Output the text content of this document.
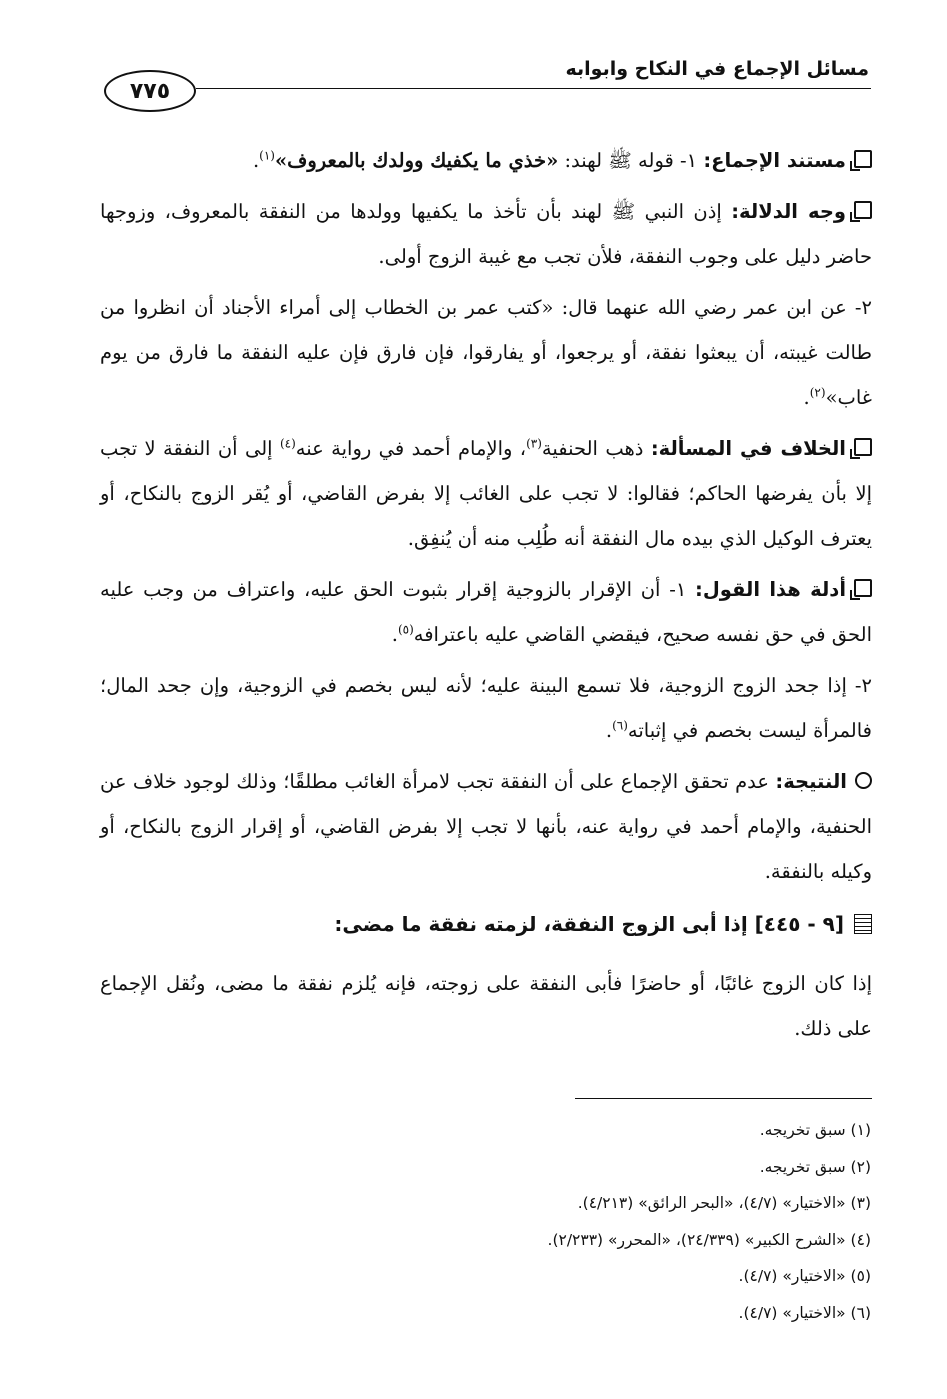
مسائل الإجماع في النكاح وابوابه
٧٧٥

مستند الإجماع: ١- قوله ﷺ لهند: «خذي ما يكفيك وولدك بالمعروف»$^{(١)}$.

وجه الدلالة: إذن النبي ﷺ لهند بأن تأخذ ما يكفيها وولدها من النفقة بالمعروف، وزوجها حاضر دليل على وجوب النفقة، فلأن تجب مع غيبة الزوج أولى.

٢- عن ابن عمر رضي الله عنهما قال: «كتب عمر بن الخطاب إلى أمراء الأجناد أن انظروا من طالت غيبته، أن يبعثوا نفقة، أو يرجعوا، أو يفارقوا، فإن فارق فإن عليه النفقة ما فارق من يوم غاب»$^{(٢)}$.

الخلاف في المسألة: ذهب الحنفية$^{(٣)}$، والإمام أحمد في رواية عنه$^{(٤)}$ إلى أن النفقة لا تجب إلا بأن يفرضها الحاكم؛ فقالوا: لا تجب على الغائب إلا بفرض القاضي، أو يُقر الزوج بالنكاح، أو يعترف الوكيل الذي بيده مال النفقة أنه طُلِب منه أن يُنفِق.

أدلة هذا القول: ١- أن الإقرار بالزوجية إقرار بثبوت الحق عليه، واعتراف من وجب عليه الحق في حق نفسه صحيح، فيقضي القاضي عليه باعترافه$^{(٥)}$.

٢- إذا جحد الزوج الزوجية، فلا تسمع البينة عليه؛ لأنه ليس بخصم في الزوجية، وإن جحد المال؛ فالمرأة ليست بخصم في إثباته$^{(٦)}$.

النتيجة: عدم تحقق الإجماع على أن النفقة تجب لامرأة الغائب مطلقًا؛ وذلك لوجود خلاف عن الحنفية، والإمام أحمد في رواية عنه، بأنها لا تجب إلا بفرض القاضي، أو إقرار الزوج بالنكاح، أو وكيله بالنفقة.

[٩ - ٤٤٥] إذا أبى الزوج النفقة، لزمته نفقة ما مضى:

إذا كان الزوج غائبًا، أو حاضرًا فأبى النفقة على زوجته، فإنه يُلزم نفقة ما مضى، ونُقل الإجماع على ذلك.

(١) سبق تخريجه.
(٢) سبق تخريجه.
(٣) «الاختيار» (٤/٧)، «البحر الرائق» (٤/٢١٣).
(٤) «الشرح الكبير» (٢٤/٣٣٩)، «المحرر» (٢/٢٣٣).
(٥) «الاختيار» (٤/٧).
(٦) «الاختيار» (٤/٧).
